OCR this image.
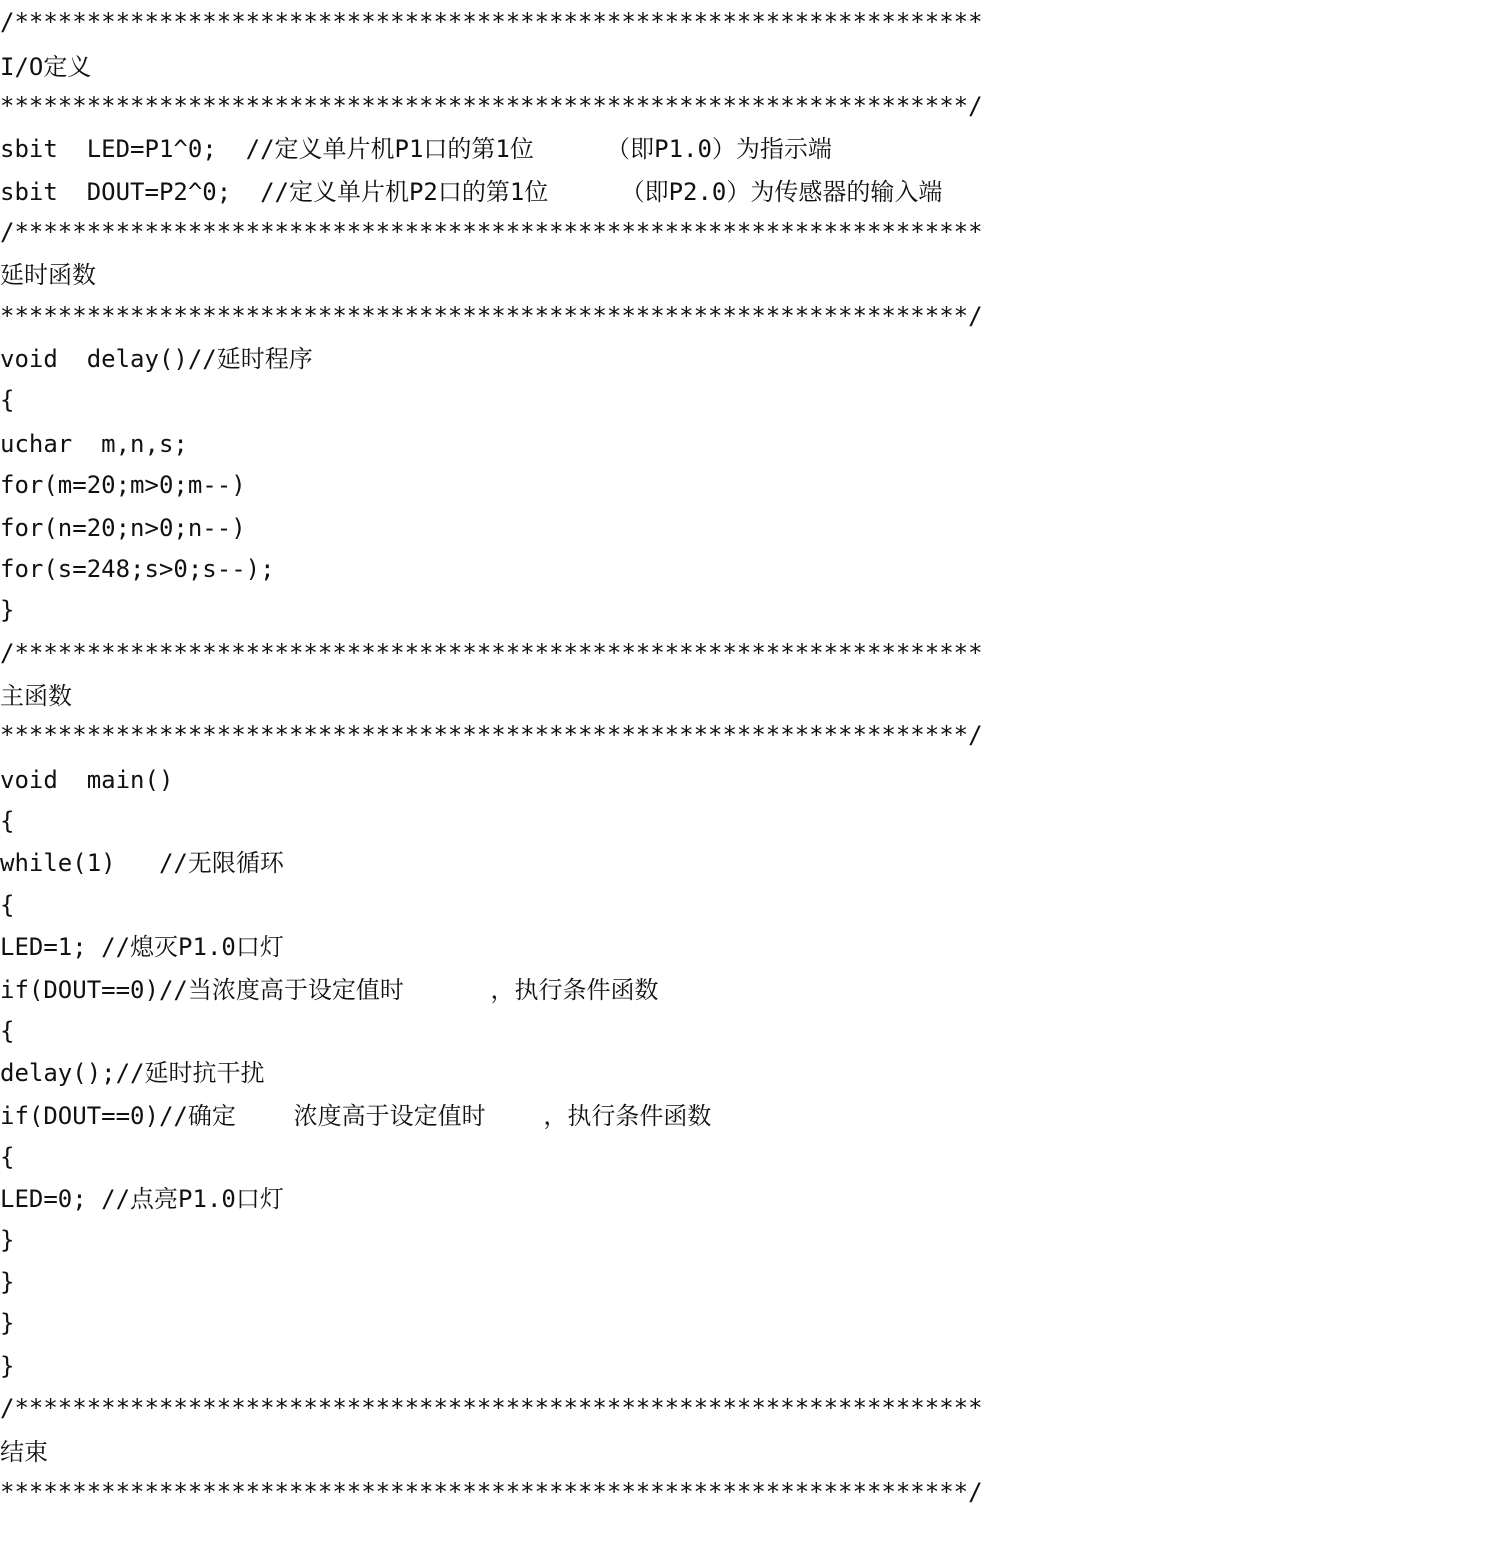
/*******************************************************************
I/O定义
*******************************************************************/
sbit  LED=P1^0;  //定义单片机P1口的第1位     （即P1.0）为指示端
sbit  DOUT=P2^0;  //定义单片机P2口的第1位     （即P2.0）为传感器的输入端
/*******************************************************************
延时函数
*******************************************************************/
void  delay()//延时程序
{
uchar  m,n,s;
for(m=20;m>0;m--)
for(n=20;n>0;n--)
for(s=248;s>0;s--);
}
/*******************************************************************
主函数
*******************************************************************/
void  main()
{
while(1)   //无限循环
{
LED=1; //熄灭P1.0口灯
if(DOUT==0)//当浓度高于设定值时      ，执行条件函数
{
delay();//延时抗干扰
if(DOUT==0)//确定    浓度高于设定值时    ，执行条件函数
{
LED=0; //点亮P1.0口灯
}
}
}
}
/*******************************************************************
结束
*******************************************************************/
